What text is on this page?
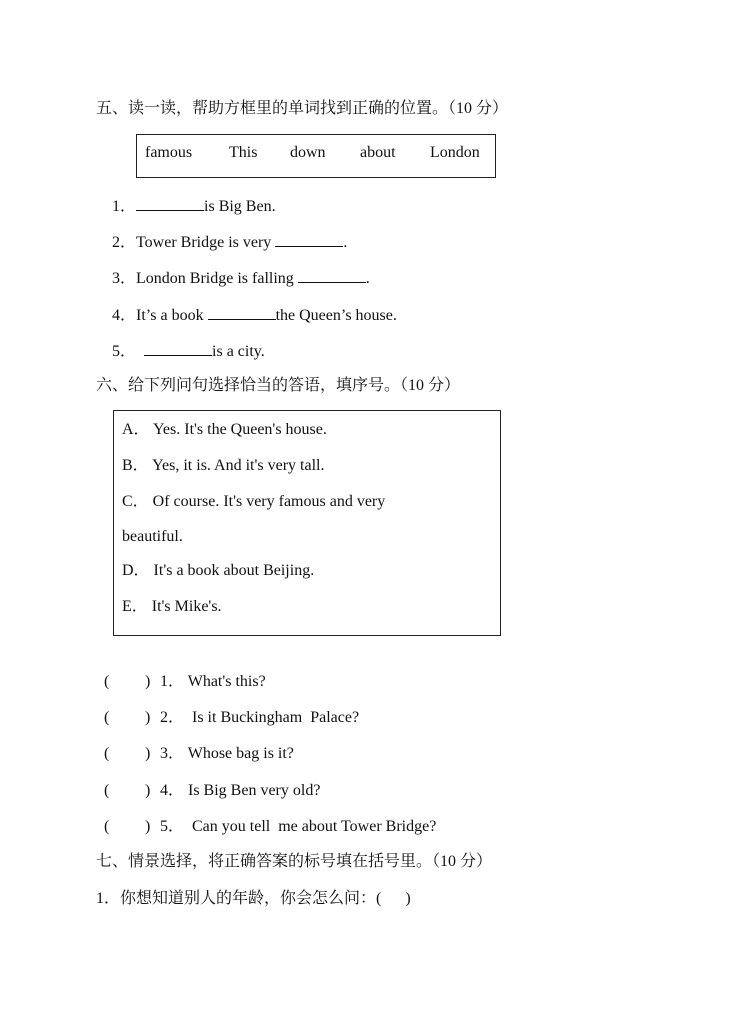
五、读一读，帮助方框里的单词找到正确的位置。（10 分）
famous This down about London
1．	is Big Ben.
2．Tower Bridge is very	.
3．London Bridge is falling	.
4．It’s a book	the Queen’s house.
5．	is a city.
六、给下列问句选择恰当的答语，填序号。（10 分）
A． Yes. It's the Queen's house.
B． Yes, it is. And it's very tall.
C． Of course. It's very famous and very
beautiful.
D． It's a book about Beijing.
E． It's Mike's.
( ) 1． What's this?
( ) 2．  Is it Buckingham  Palace?
( ) 3． Whose bag is it?
( ) 4． Is Big Ben very old?
( ) 5．  Can you tell  me about Tower Bridge?
七、情景选择，将正确答案的标号填在括号里。（10 分）
1．你想知道别人的年龄，你会怎么问：(      )
